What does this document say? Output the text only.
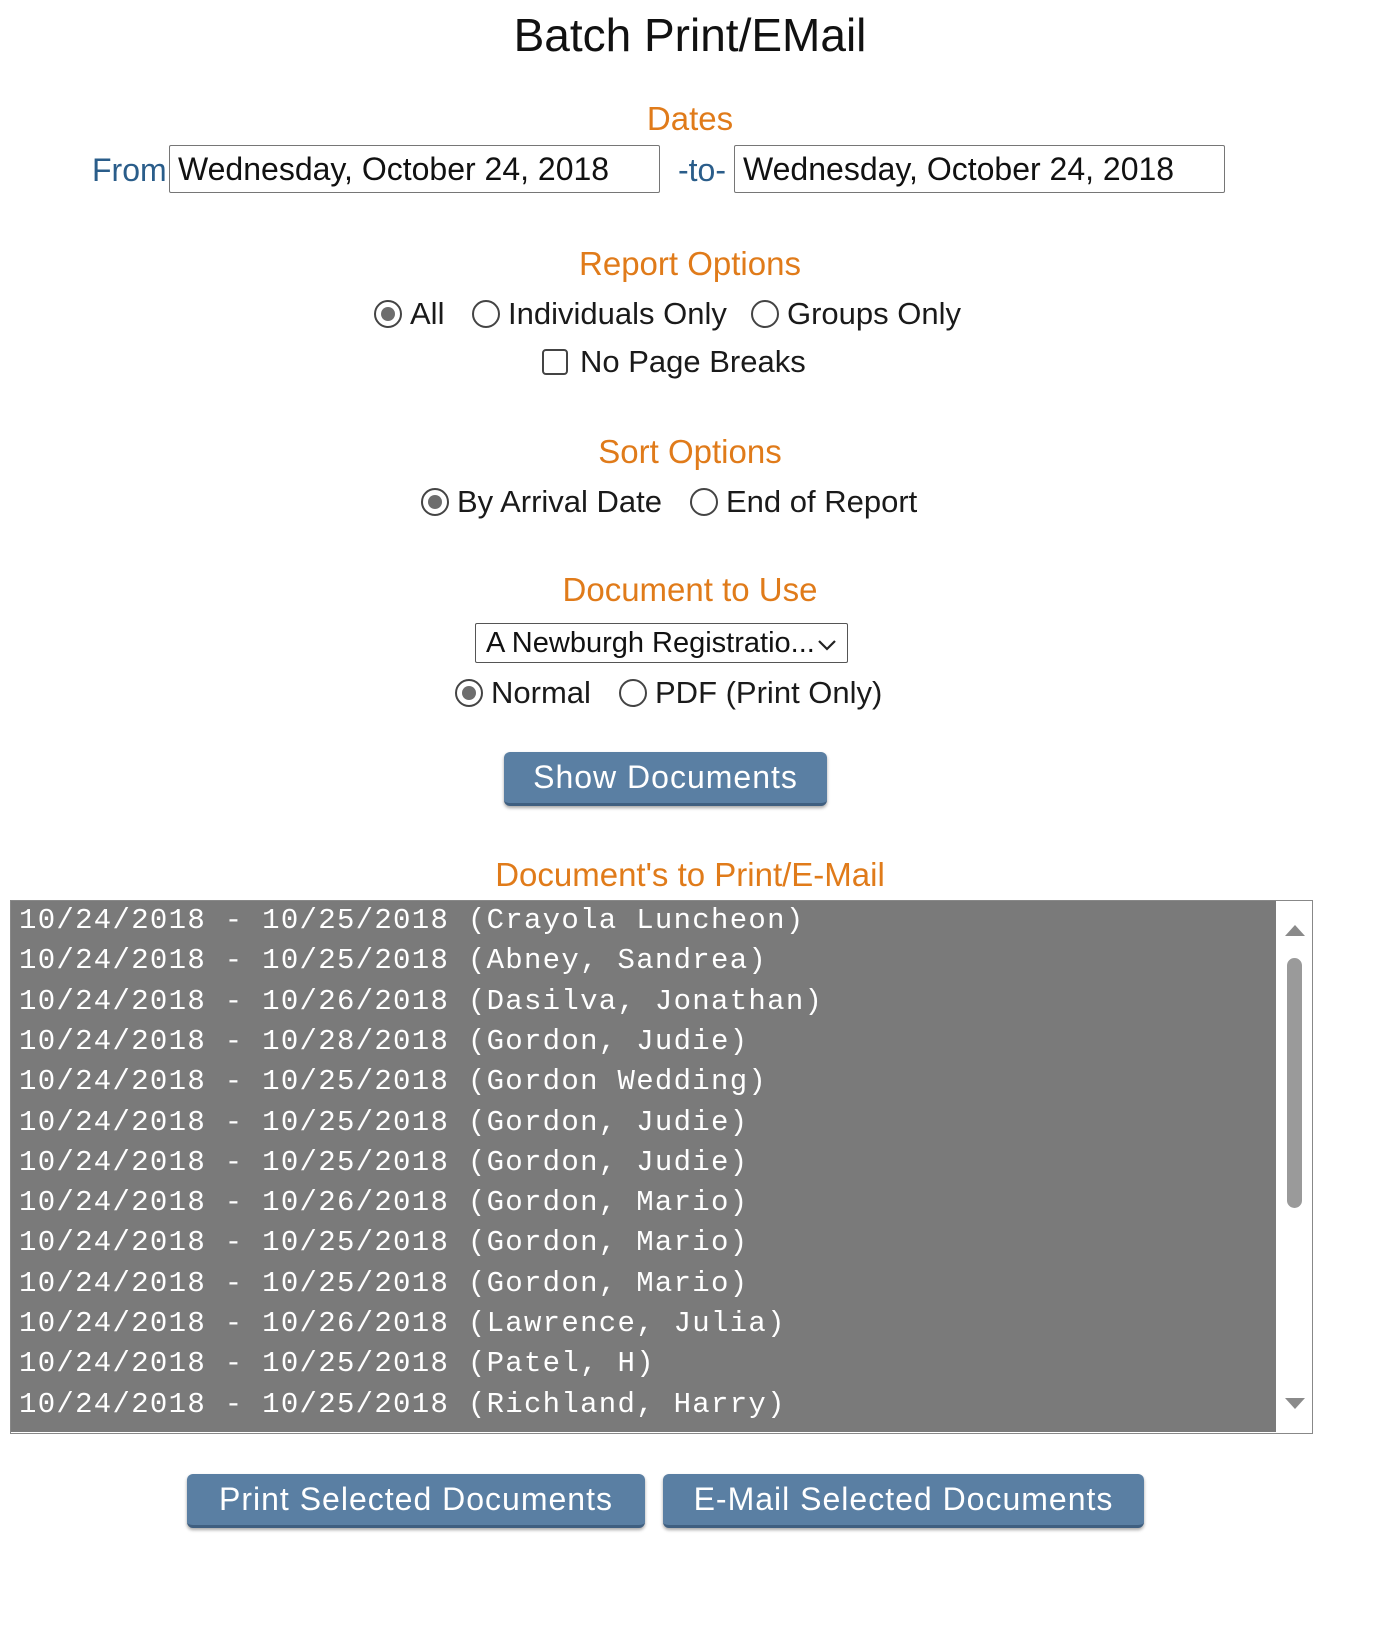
Batch Print/EMail
Dates
From Wednesday, October 24, 2018	-to- Wednesday, October 24, 2018
Report Options
All Individuals Only Groups Only
No Page Breaks
Sort Options
By Arrival Date End of Report
Document to Use
A Newburgh Registratio...
Normal PDF (Print Only)
Show Documents
Document's to Print/E-Mail
10/24/2018 - 10/25/2018 (Crayola Luncheon)
10/24/2018 - 10/25/2018 (Abney, Sandrea)
10/24/2018 - 10/26/2018 (Dasilva, Jonathan)
10/24/2018 - 10/28/2018 (Gordon, Judie)
10/24/2018 - 10/25/2018 (Gordon Wedding)
10/24/2018 - 10/25/2018 (Gordon, Judie)
10/24/2018 - 10/25/2018 (Gordon, Judie)
10/24/2018 - 10/26/2018 (Gordon, Mario)
10/24/2018 - 10/25/2018 (Gordon, Mario)
10/24/2018 - 10/25/2018 (Gordon, Mario)
10/24/2018 - 10/26/2018 (Lawrence, Julia)
10/24/2018 - 10/25/2018 (Patel, H)
10/24/2018 - 10/25/2018 (Richland, Harry)
Print Selected Documents	E-Mail Selected Documents
